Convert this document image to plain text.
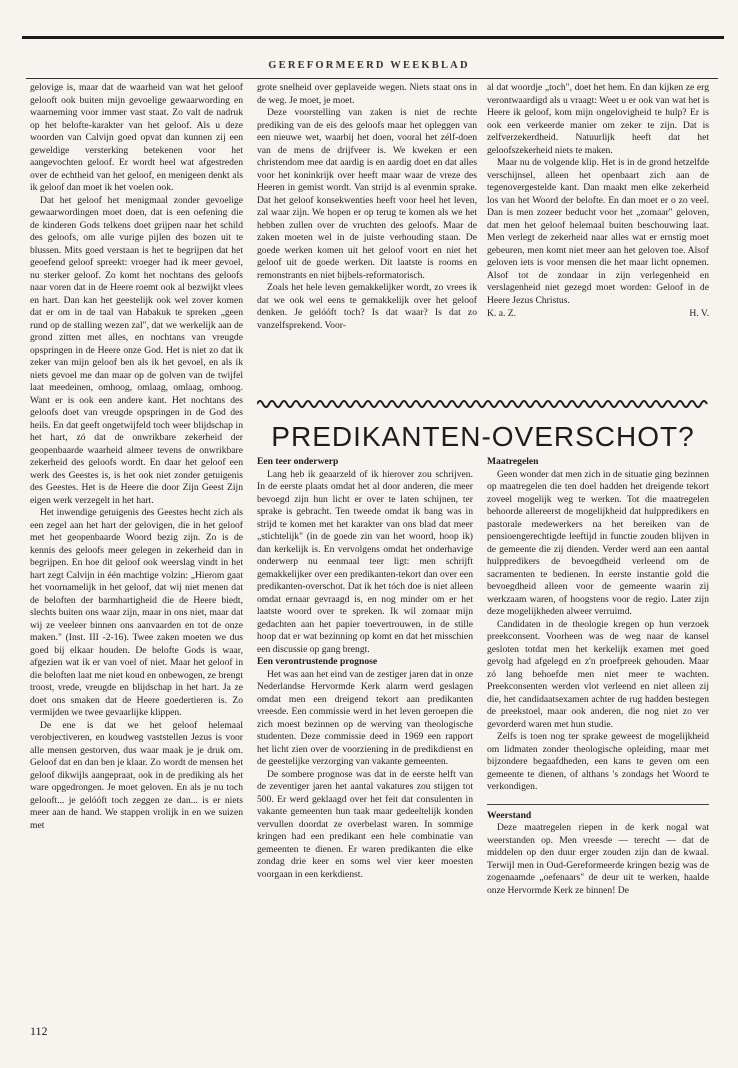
GEREFORMEERD WEEKBLAD

gelovige is, maar dat de waarheid van wat het geloof gelooft ook buiten mijn gevoelige gewaarwording en waarneming voor immer vast staat. Zo valt de nadruk op het belofte-karakter van het geloof. Als u deze woorden van Calvijn goed opvat dan kunnen zij een geweldige versterking betekenen voor het aangevochten geloof. Er wordt heel wat afgestreden over de echtheid van het geloof, en menigeen denkt als ik geloof dan moet ik het voelen ook.

Dat het geloof het menigmaal zonder gevoelige gewaarwordingen moet doen, dat is een oefening die de kinderen Gods telkens doet grijpen naar het schild des geloofs, om alle vurige pijlen des bozen uit te blussen. Mits goed verstaan is het te begrijpen dat het geoefend geloof spreekt: vroeger had ik meer gevoel, nu sterker geloof. Zo komt het nochtans des geloofs naar voren dat in de Heere roemt ook al bezwijkt vlees en hart. Dan kan het geestelijk ook wel zover komen dat er om in de taal van Habakuk te spreken „geen rund op de stalling wezen zal", dat we werkelijk aan de grond zitten met alles, en nochtans van vreugde opspringen in de Heere onze God. Het is niet zo dat ik zeker van mijn geloof ben als ik het gevoel, en als ik niets gevoel me dan maar op de golven van de twijfel laat meedeinen, omhoog, omlaag, omlaag, omhoog. Want er is ook een andere kant. Het nochtans des geloofs doet van vreugde opspringen in de God des heils. En dat geeft ongetwijfeld toch weer blijdschap in het hart, zó dat de onwrikbare zekerheid der geopenbaarde waarheid almeer tevens de onwrikbare zekerheid des geloofs wordt. En daar het geloof een werk des Geestes is, is het ook niet zonder getuigenis des Geestes. Het is de Heere die door Zijn Geest Zijn eigen werk verzegelt in het hart.

Het inwendige getuigenis des Geestes hecht zich als een zegel aan het hart der gelovigen, die in het geloof met het geopenbaarde Woord bezig zijn. Zo is de kennis des geloofs meer gelegen in zekerheid dan in begrijpen. En hoe dit geloof ook weerslag vindt in het hart zegt Calvijn in één machtige volzin: „Hierom gaat het voornamelijk in het geloof, dat wij niet menen dat de beloften der barmhartigheid die de Heere biedt, slechts buiten ons waar zijn, maar in ons niet, maar dat wij ze veeleer binnen ons aanvaarden en tot de onze maken." (Inst. III -2-16). Twee zaken moeten we dus goed bij elkaar houden. De belofte Gods is waar, afgezien wat ik er van voel of niet. Maar het geloof in die beloften laat me niet koud en onbewogen, ze brengt troost, vrede, vreugde en blijdschap in het hart. Ja ze doet ons smaken dat de Heere goedertieren is. Zo vermijden we twee gevaarlijke klippen.

De ene is dat we het geloof helemaal verobjectiveren, en koudweg vaststellen Jezus is voor alle mensen gestorven, dus waar maak je je druk om. Geloof dat en dan ben je klaar. Zo wordt de mensen het geloof dikwijls aangepraat, ook in de prediking als het ware opgedrongen. Je moet geloven. En als je nu toch gelooft... je gelóóft toch zeggen ze dan... is er niets meer aan de hand. We stappen vrolijk in en we suizen met

grote snelheid over geplaveide wegen. Niets staat ons in de weg. Je moet, je moet.

Deze voorstelling van zaken is niet de rechte prediking van de eis des geloofs maar het opleggen van een nieuwe wet, waarbij het doen, vooral het zélf-doen van de mens de drijfveer is. We kweken er een christendom mee dat aardig is en aardig doet en dat alles voor het koninkrijk over heeft maar waar de vreze des Heeren in gemist wordt. Van strijd is al evenmin sprake. Dat het geloof konsekwenties heeft voor heel het leven, zal waar zijn. We hopen er op terug te komen als we het hebben zullen over de vruchten des geloofs. Maar de zaken moeten wel in de juiste verhouding staan. De goede werken komen uit het geloof voort en niet het geloof uit de goede werken. Dit laatste is rooms en remonstrants en niet bijbels-reformatorisch.

Zoals het hele leven gemakkelijker wordt, zo vrees ik dat we ook wel eens te gemakkelijk over het geloof denken. Je gelóóft toch? Is dat waar? Is dat zo vanzelfsprekend. Voor-

al dat woordje „toch", doet het hem. En dan kijken ze erg verontwaardigd als u vraagt: Weet u er ook van wat het is Heere ik geloof, kom mijn ongelovigheid te hulp? Er is ook een verkeerde manier om zeker te zijn. Dat is zelfverzekerdheid. Natuurlijk heeft dat het geloofszekerheid niets te maken.

Maar nu de volgende klip. Het is in de grond hetzelfde verschijnsel, alleen het openbaart zich aan de tegenovergestelde kant. Dan maakt men elke zekerheid los van het Woord der belofte. En dan moet er o zo veel. Dan is men zozeer beducht voor het „zomaar" geloven, dat men het geloof helemaal buiten beschouwing laat. Men verlegt de zekerheid naar alles wat er ernstig moet gebeuren, men komt niet meer aan het geloven toe. Alsof geloven iets is voor mensen die het maar licht opnemen. Alsof tot de zondaar in zijn verlegenheid en verslagenheid niet gezegd moet worden: Geloof in de Heere Jezus Christus.

K. a. Z.	H. V.
PREDIKANTEN-OVERSCHOT?

Een teer onderwerp

Lang heb ik geaarzeld of ik hierover zou schrijven. In de eerste plaats omdat het al door anderen, die meer bevoegd zijn hun licht er over te laten schijnen, ter sprake is gebracht. Ten tweede omdat ik bang was in strijd te komen met het karakter van ons blad dat meer „stichtelijk" (in de goede zin van het woord, hoop ik) dan kerkelijk is. En vervolgens omdat het onderhavige onderwerp nu eenmaal teer ligt: men schrijft gemakkelijker over een predikanten-tekort dan over een predikanten-overschot. Dat ik het tóch doe is niet alleen omdat ernaar gevraagd is, en nog minder om er het laatste woord over te spreken. Ik wil zomaar mijn gedachten aan het papier toevertrouwen, in de stille hoop dat er wat bezinning op komt en dat het misschien een discussie op gang brengt.

Een verontrustende prognose

Het was aan het eind van de zestiger jaren dat in onze Nederlandse Hervormde Kerk alarm werd geslagen omdat men een dreigend tekort aan predikanten vreesde. Een commissie werd in het leven geroepen die zich moest bezinnen op de werving van theologische studenten. Deze commissie deed in 1969 een rapport het licht zien over de voorziening in de predikdienst en de geestelijke verzorging van vakante gemeenten.

De sombere prognose was dat in de eerste helft van de zeventiger jaren het aantal vakatures zou stijgen tot 500. Er werd geklaagd over het feit dat consulenten in vakante gemeenten hun taak maar gedeeltelijk konden vervullen doordat ze overbelast waren. In sommige kringen had een predikant een hele combinatie van gemeenten te dienen. Er waren predikanten die elke zondag drie keer en soms wel vier keer moesten voorgaan in een kerkdienst.

Maatregelen

Geen wonder dat men zich in de situatie ging bezinnen op maatregelen die ten doel hadden het dreigende tekort zoveel mogelijk weg te werken. Tot die maatregelen behoorde allereerst de mogelijkheid dat hulppredikers en pastorale medewerkers na het bereiken van de pensioengerechtigde leeftijd in functie zouden blijven in de gemeente die zij dienden. Verder werd aan een aantal hulppredikers de bevoegdheid verleend om de sacramenten te bedienen. In eerste instantie gold die bevoegdheid alleen voor de gemeente waarin zij werkzaam waren, of hoogstens voor de regio. Later zijn deze mogelijkheden alweer verruimd.

Candidaten in de theologie kregen op hun verzoek preekconsent. Voorheen was de weg naar de kansel gesloten totdat men het kerkelijk examen met goed gevolg had afgelegd en z'n proefpreek gehouden. Maar zó lang behoefde men niet meer te wachten. Preekconsenten werden vlot verleend en niet alleen zij die, het candidaatsexamen achter de rug hadden bestegen de preekstoel, maar ook anderen, die nog niet zo ver gevorderd waren met hun studie.

Zelfs is toen nog ter sprake geweest de mogelijkheid om lidmaten zonder theologische opleiding, maar met bijzondere begaafdheden, een kans te geven om een gemeente te dienen, of althans 's zondags het Woord te verkondigen.

Weerstand

Deze maatregelen riepen in de kerk nogal wat weerstanden op. Men vreesde — terecht — dat de middelen op den duur erger zouden zijn dan de kwaal. Terwijl men in Oud-Gereformeerde kringen bezig was de zogenaamde „oefenaars" de deur uit te werken, haalde onze Hervormde Kerk ze binnen! De

112
